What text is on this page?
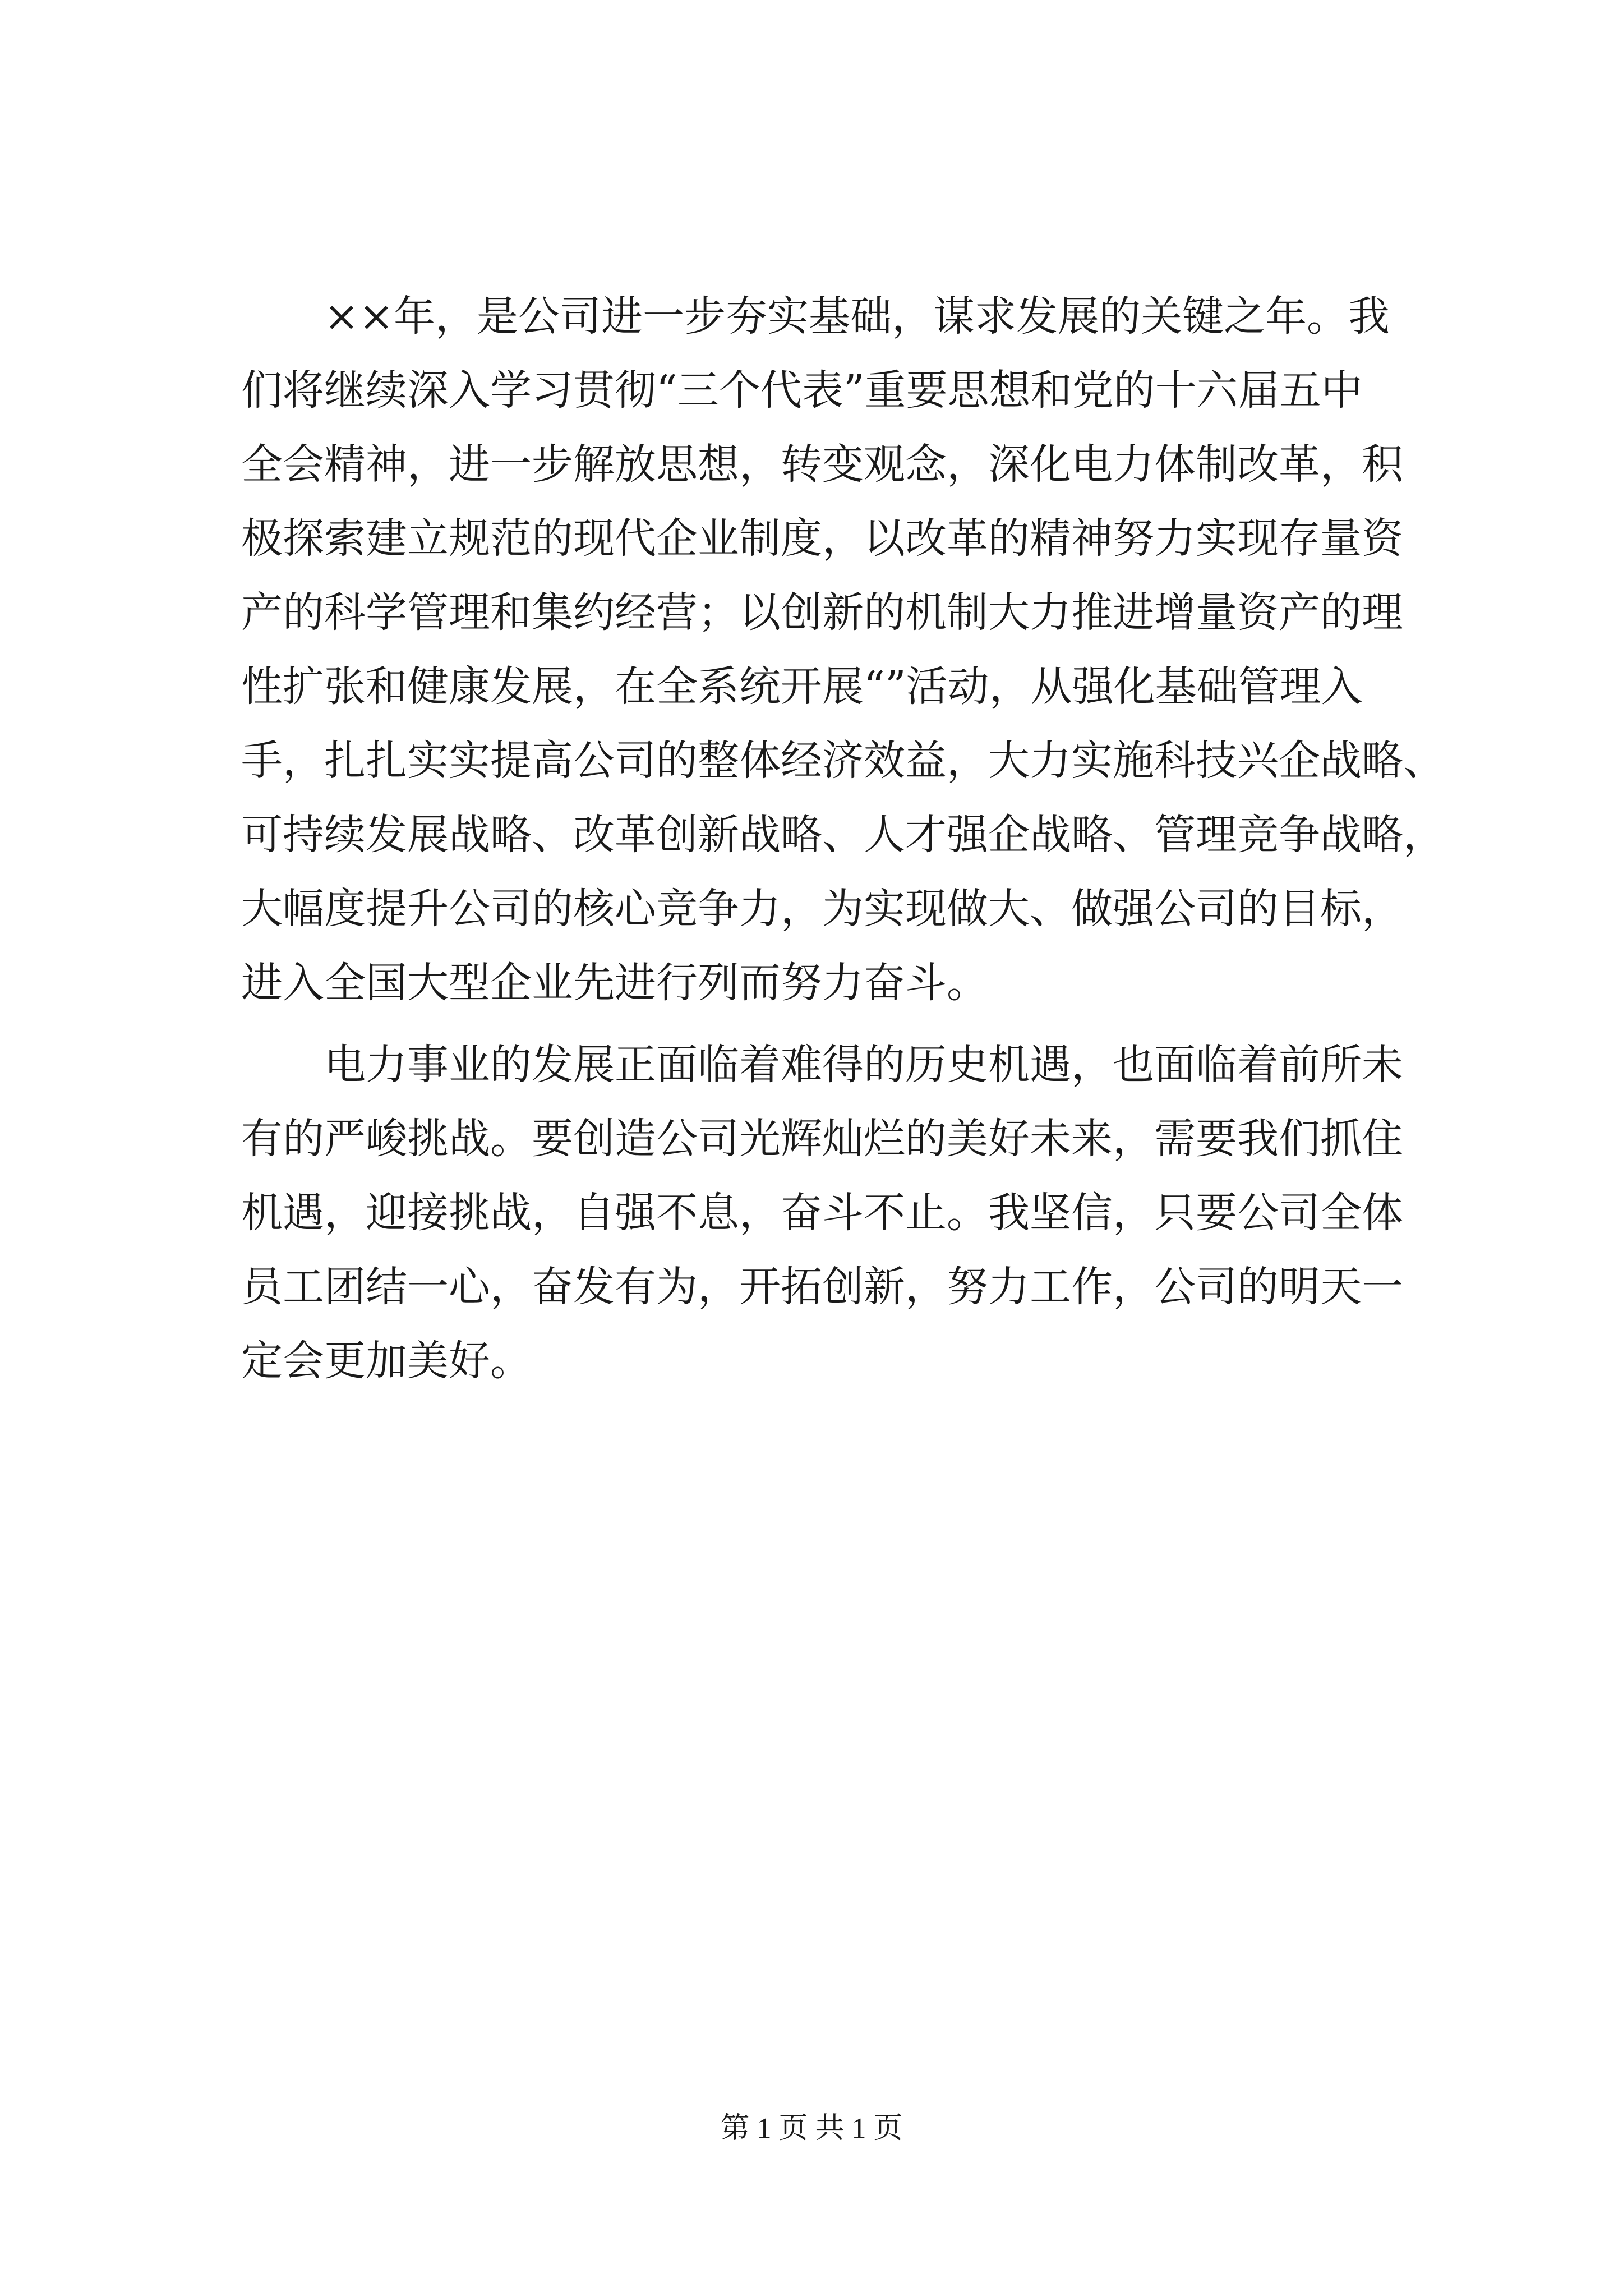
　　××年，是公司进一步夯实基础，谋求发展的关键之年。我
们将继续深入学习贯彻“三个代表”重要思想和党的十六届五中
全会精神，进一步解放思想，转变观念，深化电力体制改革，积
极探索建立规范的现代企业制度，以改革的精神努力实现存量资
产的科学管理和集约经营；以创新的机制大力推进增量资产的理
性扩张和健康发展，在全系统开展“”活动，从强化基础管理入
手，扎扎实实提高公司的整体经济效益，大力实施科技兴企战略、
可持续发展战略、改革创新战略、人才强企战略、管理竞争战略，
大幅度提升公司的核心竞争力，为实现做大、做强公司的目标，
进入全国大型企业先进行列而努力奋斗。
　　电力事业的发展正面临着难得的历史机遇，也面临着前所未
有的严峻挑战。要创造公司光辉灿烂的美好未来，需要我们抓住
机遇，迎接挑战，自强不息，奋斗不止。我坚信，只要公司全体
员工团结一心，奋发有为，开拓创新，努力工作，公司的明天一
定会更加美好。
第 1 页 共 1 页
